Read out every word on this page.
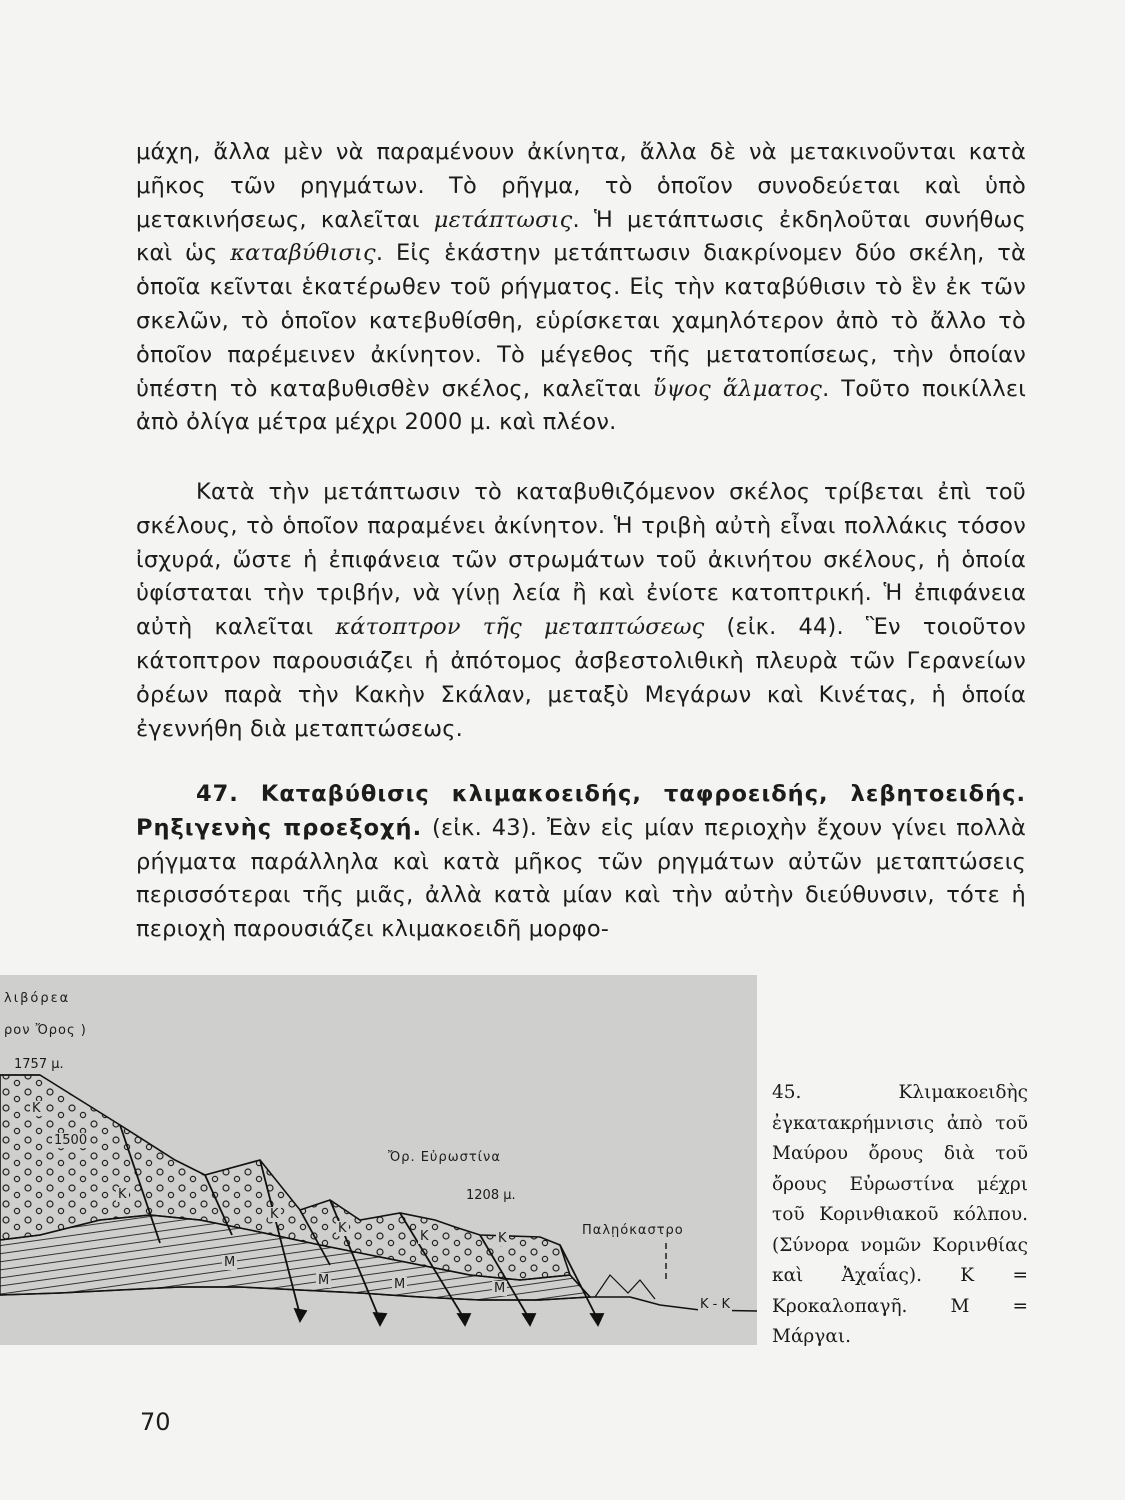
μάχη, ἄλλα μὲν νὰ παραμένουν ἀκίνητα, ἄλλα δὲ νὰ μετακινοῦνται κατὰ μῆκος τῶν ρηγμάτων. Τὸ ρῆγμα, τὸ ὁποῖον συνοδεύεται καὶ ὑπὸ μετακινήσεως, καλεῖται μετάπτωσις. Ἡ μετάπτωσις ἐκδηλοῦται συνήθως καὶ ὡς καταβύθισις. Εἰς ἑκάστην μετάπτωσιν διακρίνομεν δύο σκέλη, τὰ ὁποῖα κεῖνται ἑκατέρωθεν τοῦ ρήγματος. Εἰς τὴν καταβύθισιν τὸ ἓν ἐκ τῶν σκελῶν, τὸ ὁποῖον κατεβυθίσθη, εὑρίσκεται χαμηλότερον ἀπὸ τὸ ἄλλο τὸ ὁποῖον παρέμεινεν ἀκίνητον. Τὸ μέγεθος τῆς μετατοπίσεως, τὴν ὁποίαν ὑπέστη τὸ καταβυθισθὲν σκέλος, καλεῖται ὕψος ἅλματος. Τοῦτο ποικίλλει ἀπὸ ὀλίγα μέτρα μέχρι 2000 μ. καὶ πλέον.

Κατὰ τὴν μετάπτωσιν τὸ καταβυθιζόμενον σκέλος τρίβεται ἐπὶ τοῦ σκέλους, τὸ ὁποῖον παραμένει ἀκίνητον. Ἡ τριβὴ αὐτὴ εἶναι πολλάκις τόσον ἰσχυρά, ὥστε ἡ ἐπιφάνεια τῶν στρωμάτων τοῦ ἀκινήτου σκέλους, ἡ ὁποία ὑφίσταται τὴν τριβήν, νὰ γίνῃ λεία ἢ καὶ ἐνίοτε κατοπτρική. Ἡ ἐπιφάνεια αὐτὴ καλεῖται κάτοπτρον τῆς μεταπτώσεως (εἰκ. 44). Ἓν τοιοῦτον κάτοπτρον παρουσιάζει ἡ ἀπότομος ἀσβεστολιθικὴ πλευρὰ τῶν Γερανείων ὀρέων παρὰ τὴν Κακὴν Σκάλαν, μεταξὺ Μεγάρων καὶ Κινέτας, ἡ ὁποία ἐγεννήθη διὰ μεταπτώσεως.

47. Καταβύθισις κλιμακοειδής, ταφροειδής, λεβητοειδής. Ρηξιγενὴς προεξοχή. (εἰκ. 43). Ἐὰν εἰς μίαν περιοχὴν ἔχουν γίνει πολλὰ ρήγματα παράλληλα καὶ κατὰ μῆκος τῶν ρηγμάτων αὐτῶν μεταπτώσεις περισσότεραι τῆς μιᾶς, ἀλλὰ κατὰ μίαν καὶ τὴν αὐτὴν διεύθυνσιν, τότε ἡ περιοχὴ παρουσιάζει κλιμακοειδῆ μορφο-

λιβόρεα
ρον Ὄρος )
1757 μ.
1500
Ὄρ. Εὐρωστίνα
1208 μ.
Παλῃόκαστρο
Κ - Κ
Κ
Κ
Κ
Κ
Κ	Κ
Μ
Μ	Μ	Μ

45. Κλιμακοειδὴς ἐγκατακρήμνισις ἀπὸ τοῦ Μαύρου ὄρους διὰ τοῦ ὄρους Εὐρωστίνα μέχρι τοῦ Κορινθιακοῦ κόλπου. (Σύνορα νομῶν Κορινθίας καὶ Ἀχαΐας). Κ = Κροκαλοπαγῆ. Μ = Μάργαι.

70
